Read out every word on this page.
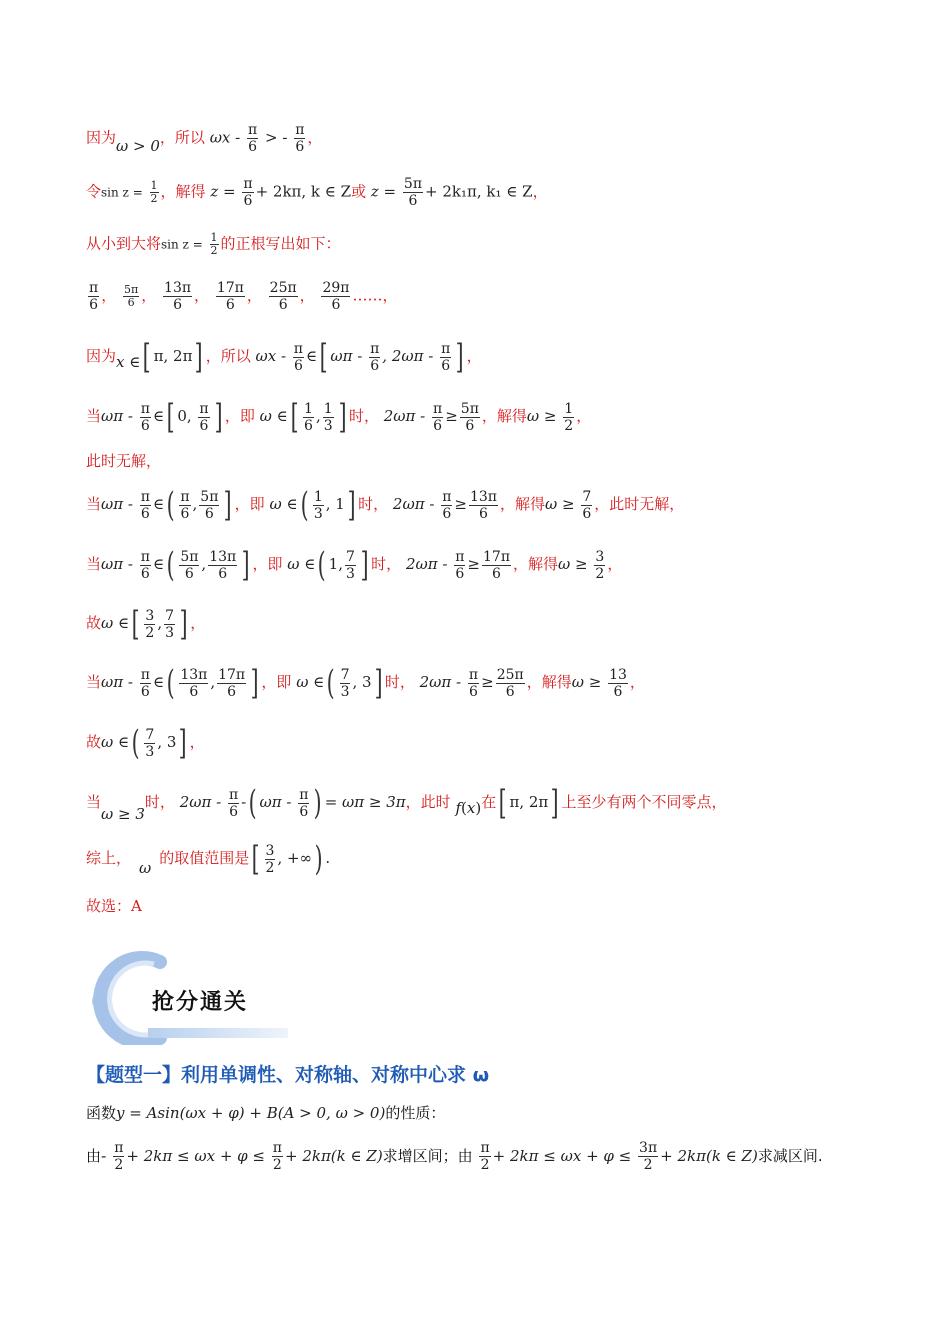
因为ω > 0，所以 ωx - $\frac{\pi}{6}$ > - $\frac{\pi}{6}$ ，
令$\sin z = \frac{1}{2}$ ，解得 $z = \frac{\pi}{6} + 2k\pi$, k ∈ Z或 $z = \frac{5\pi}{6} + 2k_1\pi$, k₁ ∈ Z，
从小到大将$\sin z = \frac{1}{2}$ 的正根写出如下：
$\frac{\pi}{6}$ ， $\frac{5\pi}{6}$ ， $\frac{13\pi}{6}$ ， $\frac{17\pi}{6}$ ， $\frac{25\pi}{6}$ ， $\frac{29\pi}{6}$ ……，
因为x ∈[ π, 2π] ，所以 ωx - $\frac{\pi}{6}$ ∈[ ωπ - $\frac{\pi}{6}$ , $2\omega\pi - \frac{\pi}{6}$ ] ，
当ωπ - $\frac{\pi}{6}$ ∈[ 0, $\frac{\pi}{6}$ ] ，即 ω ∈[ $\frac{1}{6}$ , $\frac{1}{3}$ ] 时， $2\omega\pi - \frac{\pi}{6} \ge \frac{5\pi}{6}$ ，解得$\omega \ge \frac{1}{2}$ ，
此时无解，
当ωπ - $\frac{\pi}{6}$ ∈( $\frac{\pi}{6}$ , $\frac{5\pi}{6}$ ] ，即 ω ∈( $\frac{1}{3}$ , 1] 时， $2\omega\pi - \frac{\pi}{6} \ge \frac{13\pi}{6}$ ，解得$\omega \ge \frac{7}{6}$ ，此时无解，
当ωπ - $\frac{\pi}{6}$ ∈( $\frac{5\pi}{6}$ , $\frac{13\pi}{6}$ ] ，即 ω ∈( 1, $\frac{7}{3}$ ] 时， $2\omega\pi - \frac{\pi}{6} \ge \frac{17\pi}{6}$ ，解得$\omega \ge \frac{3}{2}$ ，
故ω ∈[ $\frac{3}{2}$ , $\frac{7}{3}$ ] ，
当ωπ - $\frac{\pi}{6}$ ∈( $\frac{13\pi}{6}$ , $\frac{17\pi}{6}$ ] ，即 ω ∈( $\frac{7}{3}$ , 3] 时， $2\omega\pi - \frac{\pi}{6} \ge \frac{25\pi}{6}$ ，解得$\omega \ge \frac{13}{6}$ ，
故ω ∈( $\frac{7}{3}$ , 3] ，
当ω ≥ 3时， $2\omega\pi - \frac{\pi}{6}$ -( ωπ - $\frac{\pi}{6}$ ) = ωπ ≥ 3π，此时 f(x)在[ π, 2π] 上至少有两个不同零点，
综上，ω的取值范围是[ $\frac{3}{2}$ , +∞) .
故选：A
抢分通关
【题型一】利用单调性、对称轴、对称中心求 ω
函数y = Asin(ωx + φ) + B(A > 0, ω > 0)的性质：
由- $\frac{\pi}{2} + 2k\pi \le \omega x + \varphi \le \frac{\pi}{2} + 2k\pi(k$ ∈ Z)求增区间；由 $\frac{\pi}{2} + 2k\pi \le \omega x + \varphi \le \frac{3\pi}{2} + 2k\pi(k$ ∈ Z)求减区间.
